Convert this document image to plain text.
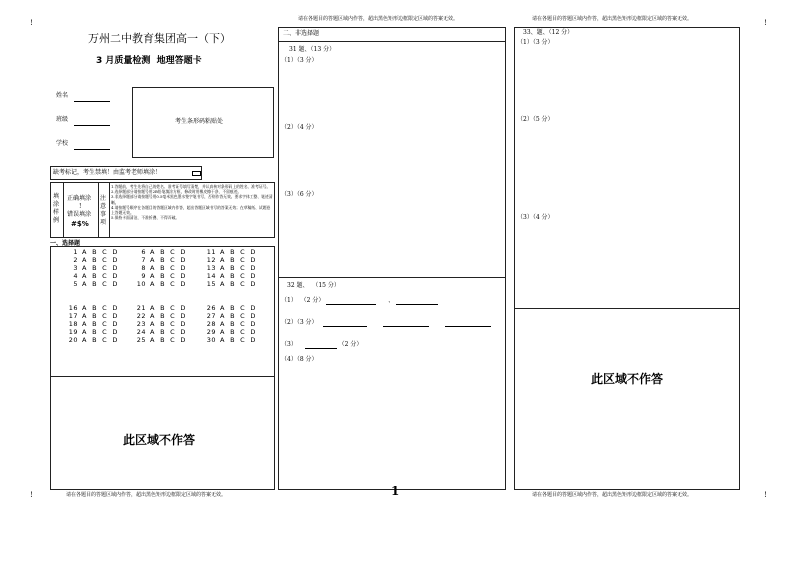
!	!
!	!
请在各题目的答题区域内作答，超出黑色矩形边框限定区域的答案无效。	请在各题目的答题区域内作答，超出黑色矩形边框限定区域的答案无效。
万州二中教育集团高一（下）
3 月质量检测  地理答题卡
姓名
班级
学校
考生条形码粘贴处
缺考标记，考生禁填！由监考老师填涂！
填涂样例
正确填涂
!
错误填涂
#$%
注意事项
1.答题前，考生先将自己的姓名、准考证号填写清楚，并认真核对条形码上的姓名、准考证号。
2.选择题部分请按题号用2B铅笔填涂方框，修改时用橡皮擦干净，不留痕迹。
3.非选择题部分请按题号用0.5毫米黑色墨水签字笔书写，否则作答无效。要求字体工整、笔迹清晰。
4.请按题号顺序在各题目的答题区域内作答，超出答题区域书写的答案无效；在草稿纸、试题卷上答题无效。
5.保持卡面清洁，不准折叠、不得弄破。
一、选择题
1 A  B  C  D
2 A  B  C  D
3 A  B  C  D
4 A  B  C  D
5 A  B  C  D
6 A  B  C  D
7 A  B  C  D
8 A  B  C  D
9 A  B  C  D
10 A  B  C  D
11 A  B  C  D
12 A  B  C  D
13 A  B  C  D
14 A  B  C  D
15 A  B  C  D
16 A  B  C  D
17 A  B  C  D
18 A  B  C  D
19 A  B  C  D
20 A  B  C  D
21 A  B  C  D
22 A  B  C  D
23 A  B  C  D
24 A  B  C  D
25 A  B  C  D
26 A  B  C  D
27 A  B  C  D
28 A  B  C  D
29 A  B  C  D
30 A  B  C  D
此区域不作答
二、非选择题
31 题、（13 分）
（1）（3 分）
（2）（4 分）
（3）（6 分）
32 题、  （15 分）
（1）  （2 分）	、
（2）（3 分）
（3）	（2 分）
（4）（8 分）
1
33、题、（12 分）
（1）（3 分）
（2）（5 分）
（3）（4 分）
此区域不作答
请在各题目的答题区域内作答，超出黑色矩形边框限定区域的答案无效。	请在各题目的答题区域内作答，超出黑色矩形边框限定区域的答案无效。
